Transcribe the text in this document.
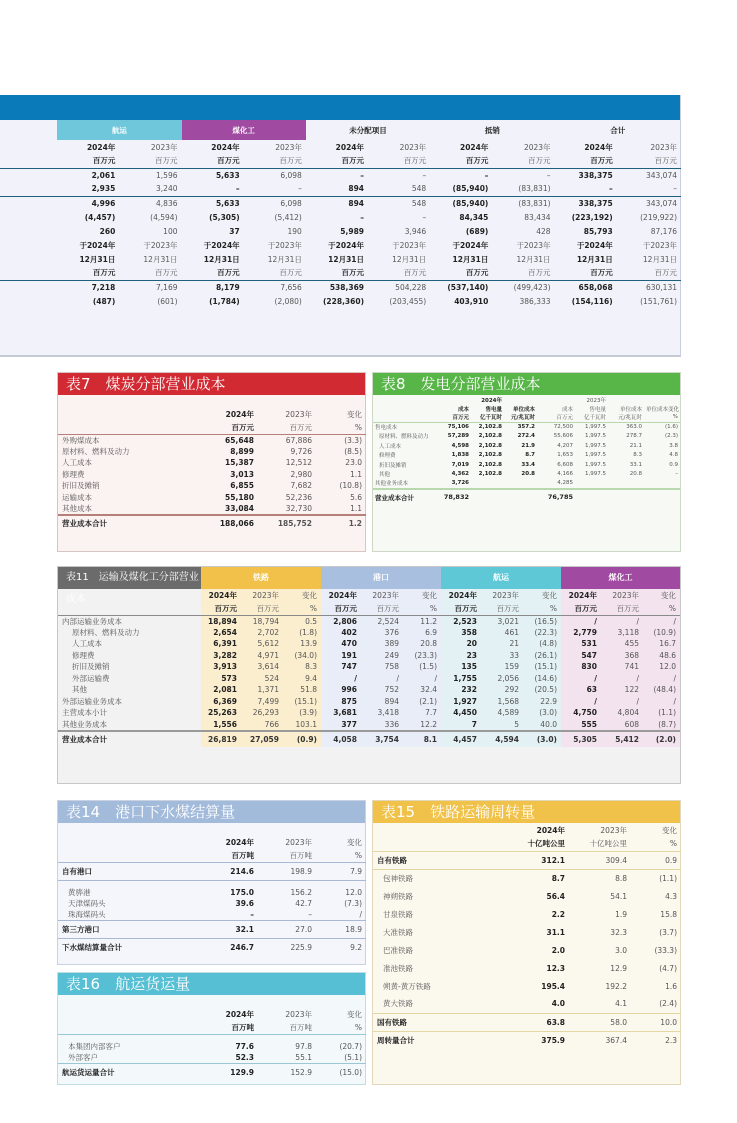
	航运		煤化工		未分配项目		抵销		合计	
	2024年	2023年	2024年	2023年	2024年	2023年	2024年	2023年	2024年	2023年
	百万元	百万元	百万元	百万元	百万元	百万元	百万元	百万元	百万元	百万元
	2,061	1,596	5,633	6,098	–	–	–	–	338,375	343,074
	2,935	3,240	–	–	894	548	(85,940)	(83,831)	–	–
	4,996	4,836	5,633	6,098	894	548	(85,940)	(83,831)	338,375	343,074
	(4,457)	(4,594)	(5,305)	(5,412)	–	–	84,345	83,434	(223,192)	(219,922)
	260	100	37	190	5,989	3,946	(689)	428	85,793	87,176

	于2024年	于2023年	于2024年	于2023年	于2024年	于2023年	于2024年	于2023年	于2024年	于2023年
	12月31日	12月31日	12月31日	12月31日	12月31日	12月31日	12月31日	12月31日	12月31日	12月31日
	百万元	百万元	百万元	百万元	百万元	百万元	百万元	百万元	百万元	百万元
	7,218	7,169	8,179	7,656	538,369	504,228	(537,140)	(499,423)	658,068	630,131
	(487)	(601)	(1,784)	(2,080)	(228,360)	(203,455)	403,910	386,333	(154,116)	(151,761)
表7　煤炭分部营业成本

	2024年	2023年	变化
	百万元	百万元	%
外购煤成本	65,648	67,886	(3.3)
原材料、燃料及动力	8,899	9,726	(8.5)
人工成本	15,387	12,512	23.0
修理费	3,013	2,980	1.1
折旧及摊销	6,855	7,682	(10.8)
运输成本	55,180	52,236	5.6
其他成本	33,084	32,730	1.1
营业成本合计	188,066	185,752	1.2
表8　发电分部营业成本
		2024年			2023年		
	成本	售电量	单位成本	成本	售电量	单位成本	单位成本变化
	百万元	亿千瓦时	元/兆瓦时	百万元	亿千瓦时	元/兆瓦时	%
售电成本	75,106	2,102.8	357.2	72,500	1,997.5	363.0	(1.6)
原材料、燃料及动力	57,289	2,102.8	272.4	55,606	1,997.5	278.7	(2.3)
人工成本	4,598	2,102.8	21.9	4,207	1,997.5	21.1	3.8
修理费	1,838	2,102.8	8.7	1,653	1,997.5	8.3	4.8
折旧及摊销	7,019	2,102.8	33.4	6,608	1,997.5	33.1	0.9
其他	4,362	2,102.8	20.8	4,166	1,997.5	20.8	–
其他业务成本	3,726			4,285			
营业成本合计	78,832			76,785			
表11　运输及煤化工分部营业成本
铁路	港口	航运	煤化工
	2024年	2023年	变化	2024年	2023年	变化	2024年	2023年	变化	2024年	2023年	变化
	百万元	百万元	%	百万元	百万元	%	百万元	百万元	%	百万元	百万元	%
内部运输业务成本	18,894	18,794	0.5	2,806	2,524	11.2	2,523	3,021	(16.5)	/	/	/
原材料、燃料及动力	2,654	2,702	(1.8)	402	376	6.9	358	461	(22.3)	2,779	3,118	(10.9)
人工成本	6,391	5,612	13.9	470	389	20.8	20	21	(4.8)	531	455	16.7
修理费	3,282	4,971	(34.0)	191	249	(23.3)	23	33	(26.1)	547	368	48.6
折旧及摊销	3,913	3,614	8.3	747	758	(1.5)	135	159	(15.1)	830	741	12.0
外部运输费	573	524	9.4	/	/	/	1,755	2,056	(14.6)	/	/	/
其他	2,081	1,371	51.8	996	752	32.4	232	292	(20.5)	63	122	(48.4)
外部运输业务成本	6,369	7,499	(15.1)	875	894	(2.1)	1,927	1,568	22.9	/	/	/
主营成本小计	25,263	26,293	(3.9)	3,681	3,418	7.7	4,450	4,589	(3.0)	4,750	4,804	(1.1)
其他业务成本	1,556	766	103.1	377	336	12.2	7	5	40.0	555	608	(8.7)
营业成本合计	26,819	27,059	(0.9)	4,058	3,754	8.1	4,457	4,594	(3.0)	5,305	5,412	(2.0)
表14　港口下水煤结算量

	2024年	2023年	变化
	百万吨	百万吨	%
自有港口	214.6	198.9	7.9
黄骅港	175.0	156.2	12.0
天津煤码头	39.6	42.7	(7.3)
珠海煤码头	–	–	/
第三方港口	32.1	27.0	18.9
下水煤结算量合计	246.7	225.9	9.2
表16　航运货运量

	2024年	2023年	变化
	百万吨	百万吨	%
本集团内部客户	77.6	97.8	(20.7)
外部客户	52.3	55.1	(5.1)
航运货运量合计	129.9	152.9	(15.0)
表15　铁路运输周转量
	2024年	2023年	变化
	十亿吨公里	十亿吨公里	%
自有铁路	312.1	309.4	0.9
包神铁路	8.7	8.8	(1.1)
神朔铁路	56.4	54.1	4.3
甘泉铁路	2.2	1.9	15.8
大准铁路	31.1	32.3	(3.7)
巴准铁路	2.0	3.0	(33.3)
准池铁路	12.3	12.9	(4.7)
朔黄-黄万铁路	195.4	192.2	1.6
黄大铁路	4.0	4.1	(2.4)
国有铁路	63.8	58.0	10.0
周转量合计	375.9	367.4	2.3
